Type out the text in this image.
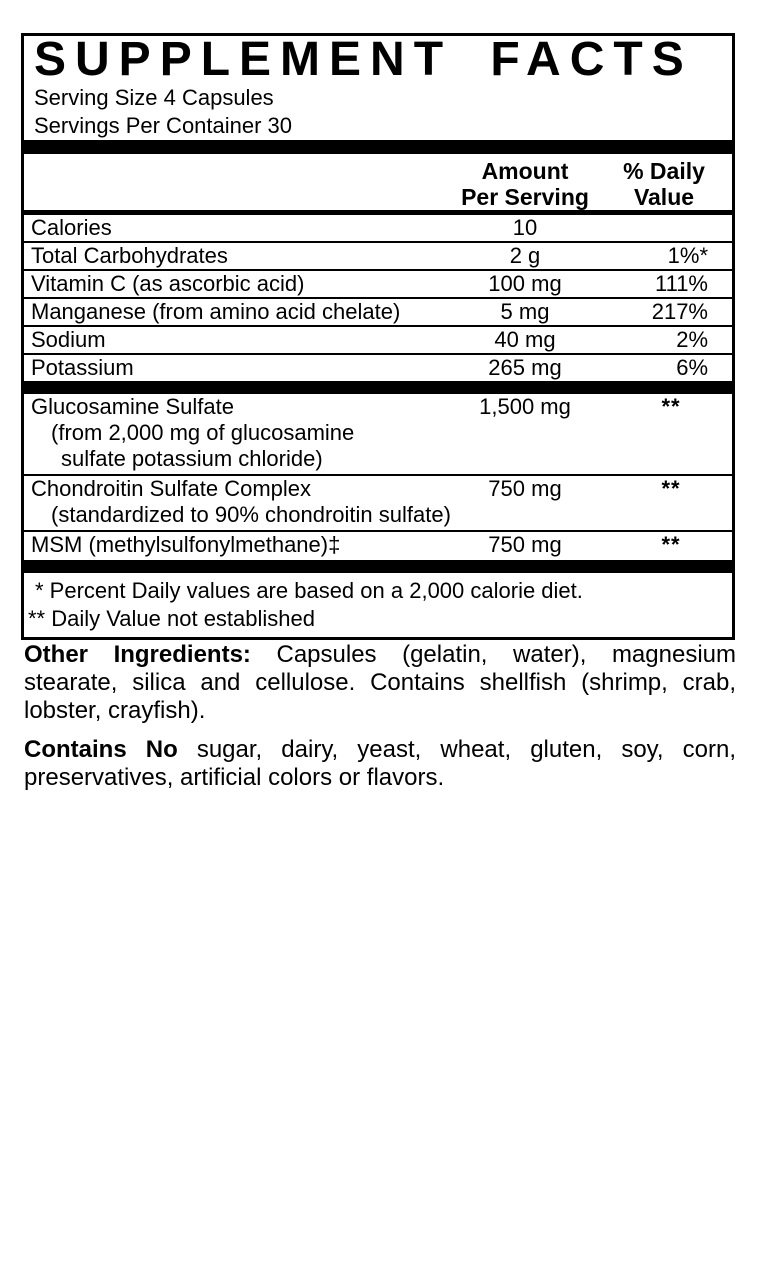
SUPPLEMENT FACTS
Serving Size 4 Capsules
Servings Per Container 30
Amount
Per Serving
% Daily
Value
Calories	10
Total Carbohydrates	2 g	1%*
Vitamin C (as ascorbic acid)	100 mg	111%
Manganese (from amino acid chelate)	5 mg	217%
Sodium	40 mg	2%
Potassium	265 mg	6%
Glucosamine Sulfate	1,500 mg	**
(from 2,000 mg of glucosamine
sulfate potassium chloride)
Chondroitin Sulfate Complex	750 mg	**
(standardized to 90% chondroitin sulfate)
MSM (methylsulfonylmethane)‡	750 mg	**
* Percent Daily values are based on a 2,000 calorie diet.
** Daily Value not established

Other Ingredients: Capsules (gelatin, water), magnesium stearate, silica and cellulose. Contains shellfish (shrimp, crab, lobster, crayfish).

Contains No sugar, dairy, yeast, wheat, gluten, soy, corn, preservatives, artificial colors or flavors.
